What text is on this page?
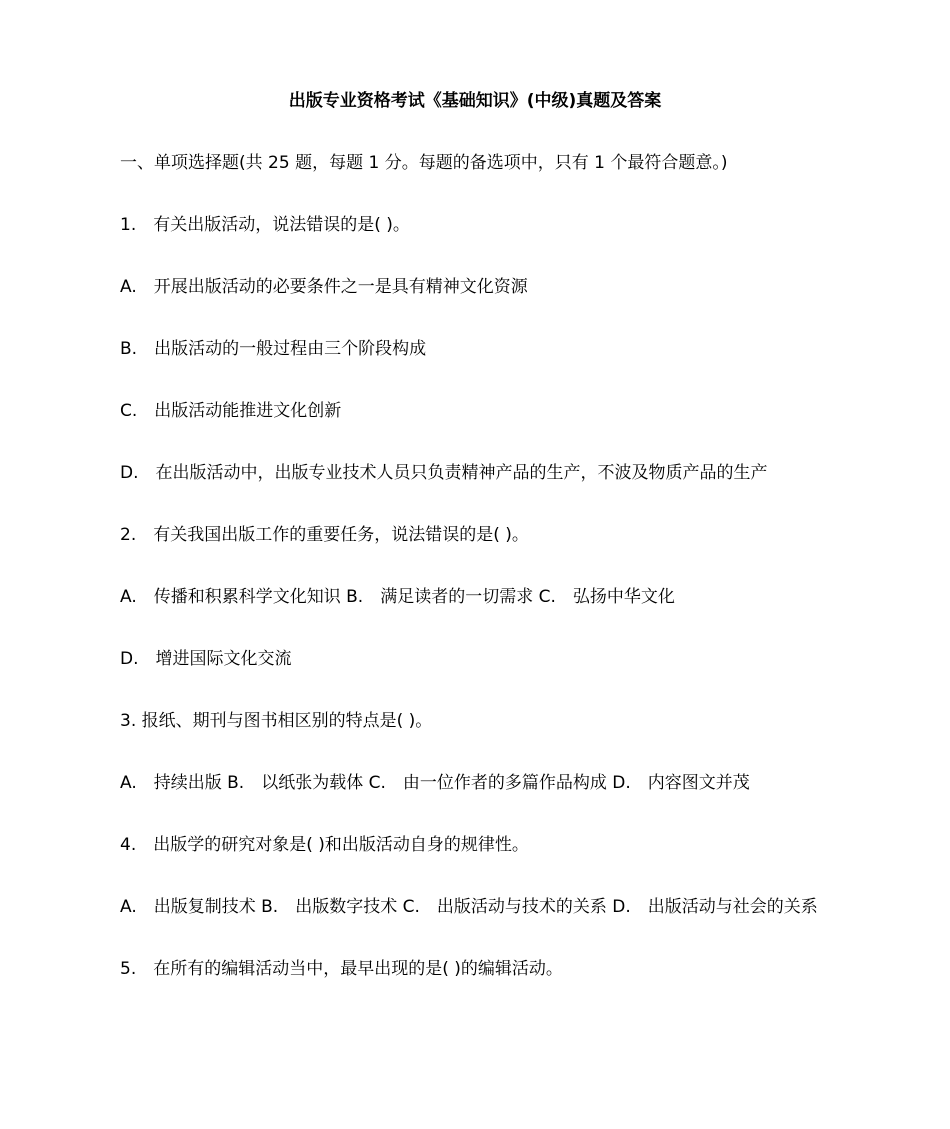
出版专业资格考试《基础知识》(中级)真题及答案
一、单项选择题(共 25 题，每题 1 分。每题的备选项中，只有 1 个最符合题意。)
1.　有关出版活动，说法错误的是( )。
A.　开展出版活动的必要条件之一是具有精神文化资源
B.　出版活动的一般过程由三个阶段构成
C.　出版活动能推进文化创新
D.　在出版活动中，出版专业技术人员只负责精神产品的生产，不波及物质产品的生产
2.　有关我国出版工作的重要任务，说法错误的是( )。
A.　传播和积累科学文化知识 B.　满足读者的一切需求 C.　弘扬中华文化
D.　增进国际文化交流
3. 报纸、期刊与图书相区别的特点是( )。
A.　持续出版 B.　以纸张为载体 C.　由一位作者的多篇作品构成 D.　内容图文并茂
4.　出版学的研究对象是( )和出版活动自身的规律性。
A.　出版复制技术 B.　出版数字技术 C.　出版活动与技术的关系 D.　出版活动与社会的关系
5.　在所有的编辑活动当中，最早出现的是( )的编辑活动。
